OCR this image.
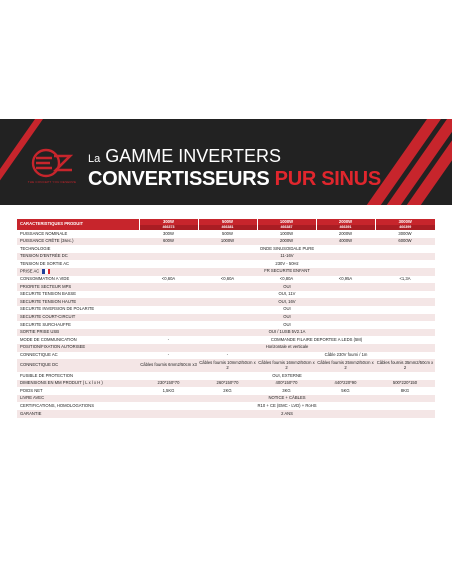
THE CONCEPT YOU DESERVE
La GAMME INVERTERS
CONVERTISSEURS PUR SINUS
CARACTERISTIQUES PRODUIT	300W	500W	1000W	2000W	3000W
	466373	466381	466387	466391	466399
PUISSANCE NOMINALE	300W	500W	1000W	2000W	3000W
PUISSANCE CRÊTE (3sec.)	600W	1000W	2000W	4000W	6000W
TECHNOLOGIE	ONDE SINUSOIDALE PURE				
TENSION D'ENTRÉE DC	11-16V				
TENSION DE SORTIE AC	230V - 50Hz				
PRISE AC	FR SECURITE ENFANT				
CONSOMMATION A VIDE	<0,60A	<0,60A	<0,80A	<0,95A	<1,3A
PRIORITE SECTEUR MPS	OUI				
SECURITE TENSION BASSE	OUI, 11V				
SECURITE TENSION HAUTE	OUI, 16V				
SECURITE INVERSION DE POLARITE	OUI				
SECURITE COURT-CIRCUIT	OUI				
SECURITE SURCHAUFFE	OUI				
SORTIE PRISE USB	OUI / 1USB 5V2.1A				
MODE DE COMMUNICATION	-	COMMANDE FILAIRE DEPORTEE A LEDS (5M)			
POSITION/FIXATION AUTORISEE	Horizontale et verticale				
CONNECTIQUE AC	-	-	Câble 230V fourni / 1m		
CONNECTIQUE DC	Câbles fournis 6mm2/50cm x3	Câbles fournis 10mm2/50cm x 2	Câbles fournis 16mm2/50cm x 2	Câbles fournis 25mm2/50cm x 2	Câbles fournis 35mm2/50cm x 2
FUSIBLE DE PROTECTION	OUI, EXTERNE				
DIMENSIONS EN MM PRODUIT ( L x l x H )	230*150*70	260*150*70	400*150*70	440*220*90	500*220*150
POIDS NET	1,5KG	2KG	3KG	5KG	8KG
LIVRE AVEC	NOTICE + CÂBLES				
CERTIFICATIONS, HOMOLOGATIONS	R10 + CE (EMC - LVD) + RoHS				
GARANTIE	2 ANS				
